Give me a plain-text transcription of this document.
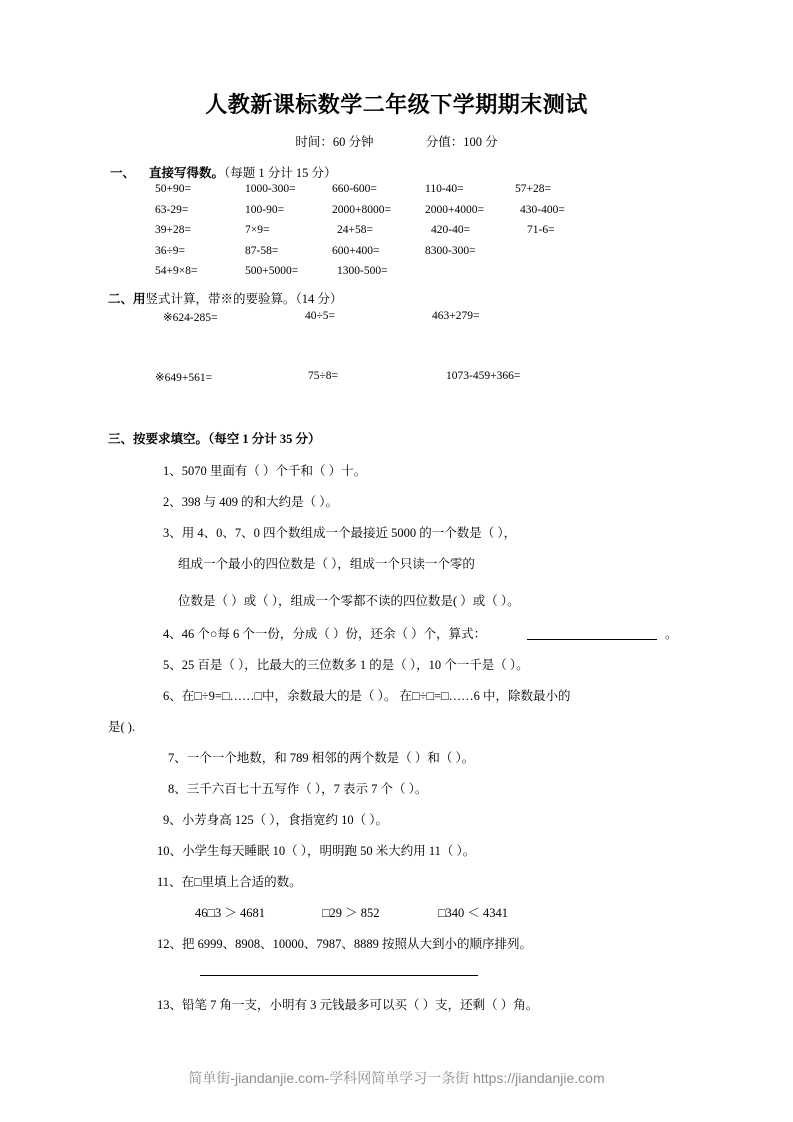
人教新课标数学二年级下学期期末测试
时间：60 分钟	分值：100 分
一、 直接写得数。（每题 1 分计 15 分）
50+90=	1000-300=	660-600=	110-40=	57+28=
63-29=	100-90=	2000+8000=	2000+4000=	430-400=
39+28=	7×9=	24+58=	420-40=	71-6=
36÷9=	87-58=	600+400=	8300-300=
54+9×8=	500+5000=	1300-500=
二、用竖式计算，带※的要验算。（14 分）
※624-285=	40÷5=	463+279=
※649+561=	75÷8=	1073-459+366=
三、按要求填空。（每空 1 分计 35 分）
1、5070 里面有（ ）个千和（ ）十。
2、398 与 409 的和大约是（ ）。
3、用 4、0、7、0 四个数组成一个最接近 5000 的一个数是（ ），
组成一个最小的四位数是（ ），组成一个只读一个零的
位数是（ ）或（ ），组成一个零都不读的四位数是( ）或（ ）。
4、46 个○每 6 个一份，分成（ ）份，还余（ ）个，算式：	。
5、25 百是（ ），比最大的三位数多 1 的是（ ），10 个一千是（ ）。
6、在□÷9=□……□中，余数最大的是（ ）。 在□÷□=□……6 中，除数最小的
是( ).
7、一个一个地数，和 789 相邻的两个数是（ ）和（ ）。
8、三千六百七十五写作（ ），7 表示 7 个（ ）。
9、小芳身高 125（ ），食指宽约 10（ ）。
10、小学生每天睡眠 10（ ），明明跑 50 米大约用 11（ ）。
11、在□里填上合适的数。
46□3 ＞ 4681	□29 ＞ 852	□340 ＜ 4341
12、把 6999、8908、10000、7987、8889 按照从大到小的顺序排列。
13、铅笔 7 角一支，小明有 3 元钱最多可以买（ ）支，还剩（ ）角。
简单街-jiandanjie.com-学科网简单学习一条街 https://jiandanjie.com
